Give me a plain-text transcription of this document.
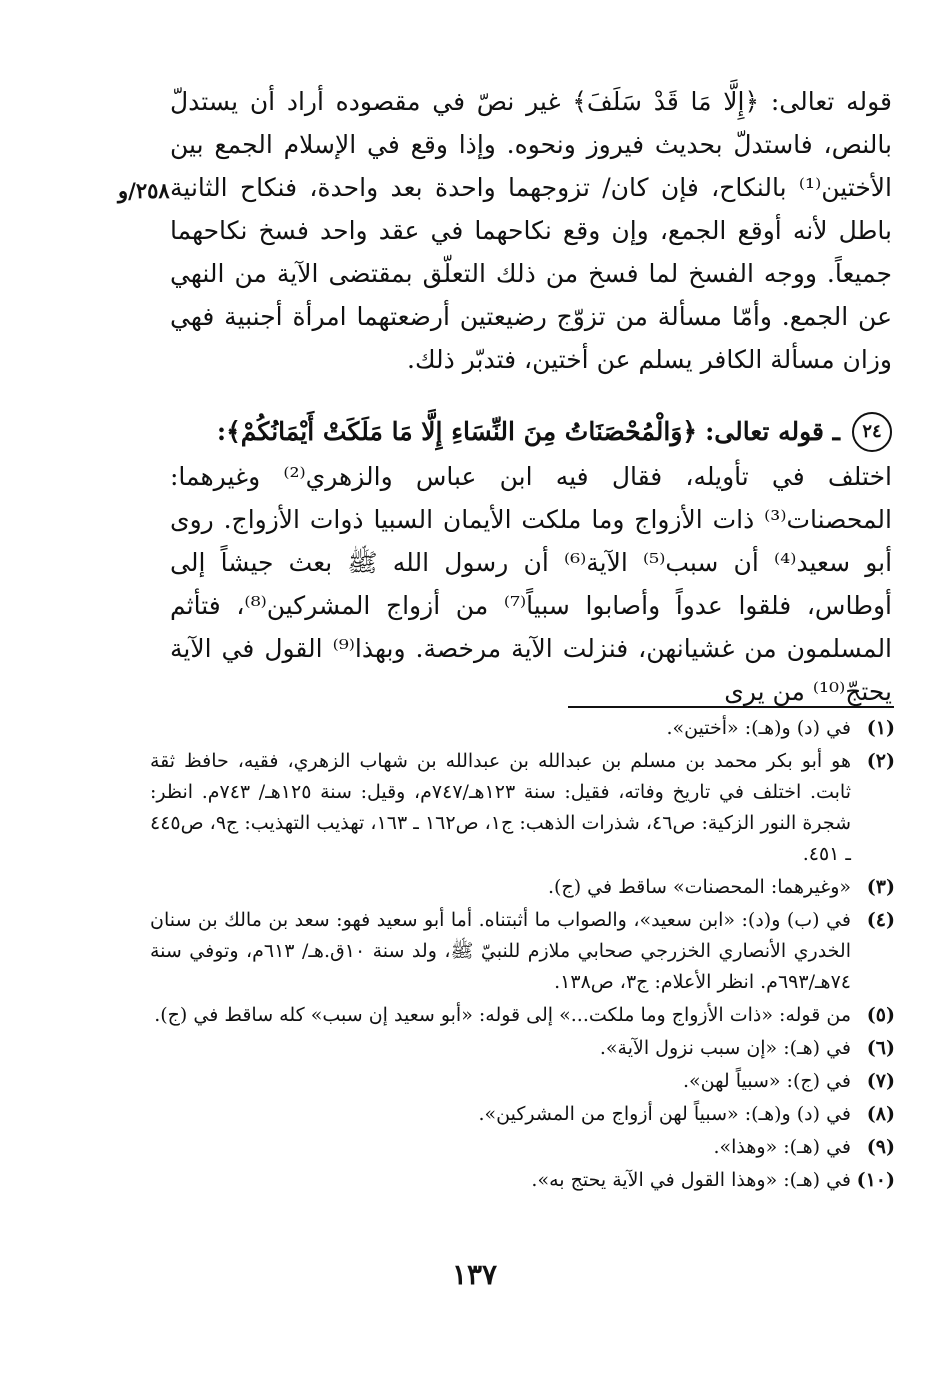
٢٥٨/و

قوله تعالى: ﴿إِلَّا مَا قَدْ سَلَفَ﴾ غير نصّ في مقصوده أراد أن يستدلّ بالنص، فاستدلّ بحديث فيروز ونحوه. وإذا وقع في الإسلام الجمع بين الأختين⁽¹⁾ بالنكاح، فإن كان/ تزوجهما واحدة بعد واحدة، فنكاح الثانية باطل لأنه أوقع الجمع، وإن وقع نكاحهما في عقد واحد فسخ نكاحهما جميعاً. ووجه الفسخ لما فسخ من ذلك التعلّق بمقتضى الآية من النهي عن الجمع. وأمّا مسألة من تزوّج رضيعتين أرضعتهما امرأة أجنبية فهي وزان مسألة الكافر يسلم عن أختين، فتدبّر ذلك.

٢٤
ـ قوله تعالى:
﴿وَالْمُحْصَنَاتُ مِنَ النِّسَاءِ إِلَّا مَا مَلَكَتْ أَيْمَانُكُمْ﴾:

اختلف في تأويله، فقال فيه ابن عباس والزهري⁽²⁾ وغيرهما: المحصنات⁽³⁾ ذات الأزواج وما ملكت الأيمان السبيا ذوات الأزواج. روى أبو سعيد⁽⁴⁾ أن سبب⁽⁵⁾ الآية⁽⁶⁾ أن رسول الله ﷺ بعث جيشاً إلى أوطاس، فلقوا عدواً وأصابوا سبياً⁽⁷⁾ من أزواج المشركين⁽⁸⁾، فتأثم المسلمون من غشيانهن، فنزلت الآية مرخصة. وبهذا⁽⁹⁾ القول في الآية يحتجّ⁽¹⁰⁾ من يرى

(١)
في (د) و(هـ): «أختين».
(٢)
هو أبو بكر محمد بن مسلم بن عبدالله بن عبدالله بن شهاب الزهري، فقيه، حافظ ثقة ثابت. اختلف في تاريخ وفاته، فقيل: سنة ١٢٣هـ/٧٤٧م، وقيل: سنة ١٢٥هـ/ ٧٤٣م. انظر: شجرة النور الزكية: ص٤٦، شذرات الذهب: ج١، ص١٦٢ ـ ١٦٣، تهذيب التهذيب: ج٩، ص٤٤٥ ـ ٤٥١.
(٣)
«وغيرهما: المحصنات» ساقط في (ج).
(٤)
في (ب) و(د): «ابن سعيد»، والصواب ما أثبتناه. أما أبو سعيد فهو: سعد بن مالك بن سنان الخدري الأنصاري الخزرجي صحابي ملازم للنبيّ ﷺ، ولد سنة ١٠ق.هـ/ ٦١٣م، وتوفي سنة ٧٤هـ/٦٩٣م. انظر الأعلام: ج٣، ص١٣٨.
(٥)
من قوله: «ذات الأزواج وما ملكت...» إلى قوله: «أبو سعيد إن سبب» كله ساقط في (ج).
(٦)
في (هـ): «إن سبب نزول الآية».
(٧)
في (ج): «سبياً لهن».
(٨)
في (د) و(هـ): «سبياً لهن أزواج من المشركين».
(٩)
في (هـ): «وهذا».
(١٠)
في (هـ): «وهذا القول في الآية يحتج به».
١٣٧
